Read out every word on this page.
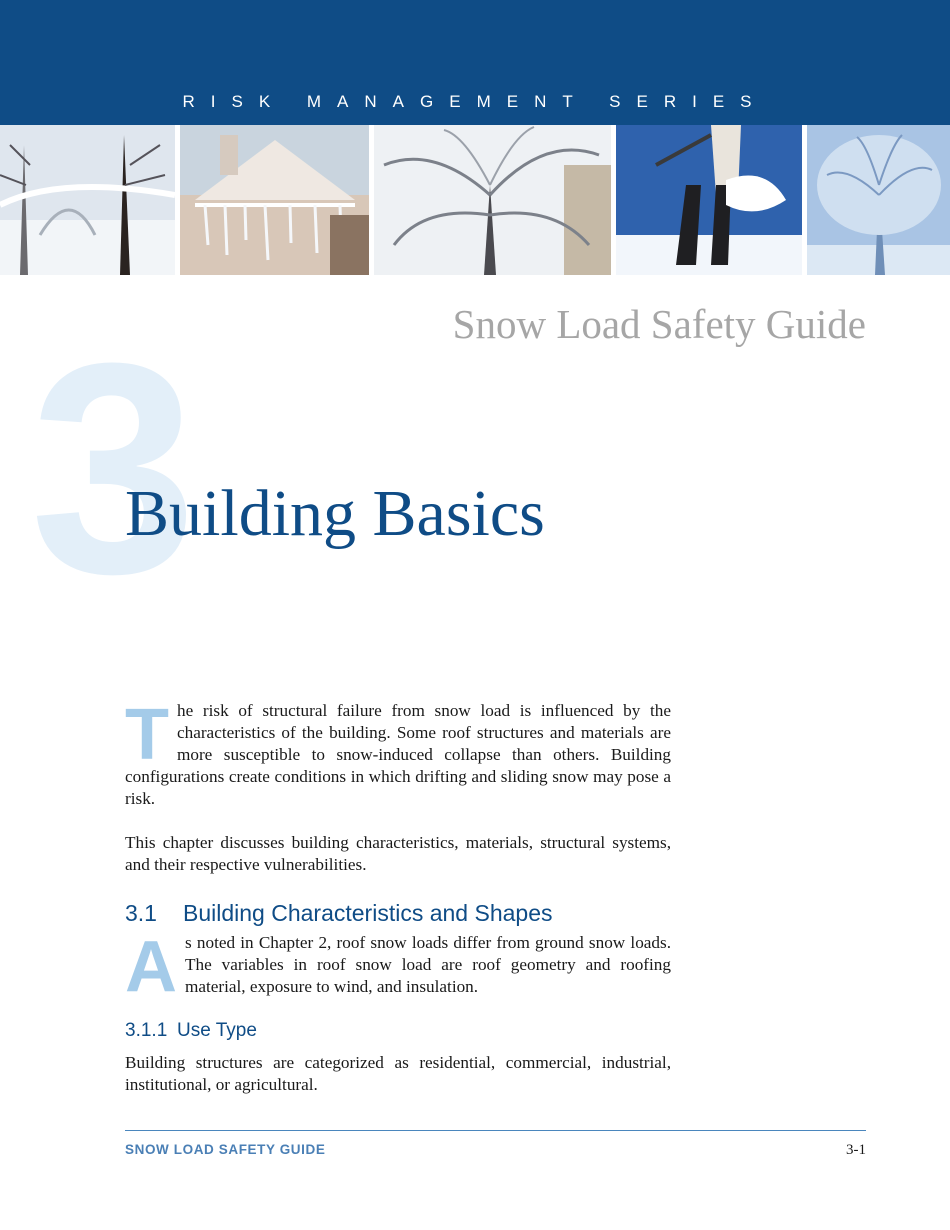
RISK MANAGEMENT SERIES
Snow Load Safety Guide
3
Building Basics

The risk of structural failure from snow load is influenced by the characteristics of the building. Some roof structures and materials are more susceptible to snow-induced collapse than others. Building configurations create conditions in which drifting and sliding snow may pose a risk.

This chapter discusses building characteristics, materials, structural systems, and their respective vulnerabilities.

3.1 Building Characteristics and Shapes

As noted in Chapter 2, roof snow loads differ from ground snow loads. The variables in roof snow load are roof geometry and roofing material, exposure to wind, and insulation.

3.1.1 Use Type

Building structures are categorized as residential, commercial, industrial, institutional, or agricultural.

SNOW LOAD SAFETY GUIDE	3-1
